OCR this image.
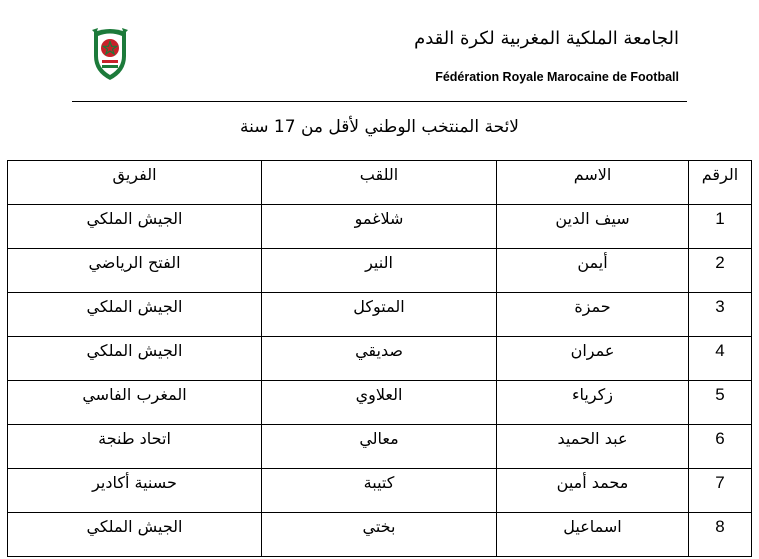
الجامعة الملكية المغربية لكرة القدم
Fédération Royale Marocaine de Football
لائحة المنتخب الوطني لأقل من 17 سنة
الرقم	الاسم	اللقب	الفريق
1	سيف الدين	شلاغمو	الجيش الملكي
2	أيمن	النير	الفتح الرياضي
3	حمزة	المتوكل	الجيش الملكي
4	عمران	صديقي	الجيش الملكي
5	زكرياء	العلاوي	المغرب الفاسي
6	عبد الحميد	معالي	اتحاد طنجة
7	محمد أمين	كتيبة	حسنية أكادير
8	اسماعيل	بختي	الجيش الملكي
